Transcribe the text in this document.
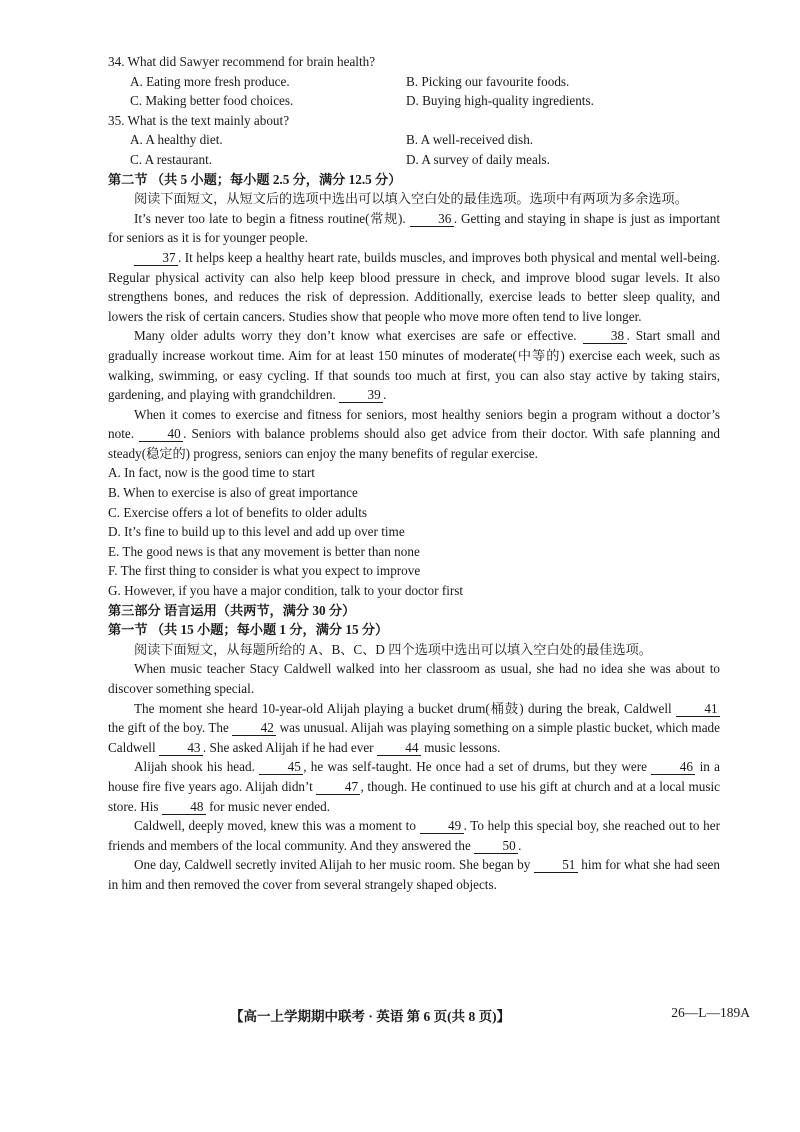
34. What did Sawyer recommend for brain health?
A. Eating more fresh produce.	B. Picking our favourite foods.
C. Making better food choices.	D. Buying high-quality ingredients.
35. What is the text mainly about?
A. A healthy diet.	B. A well-received dish.
C. A restaurant.	D. A survey of daily meals.
第二节 （共 5 小题；每小题 2.5 分，满分 12.5 分）
阅读下面短文，从短文后的选项中选出可以填入空白处的最佳选项。选项中有两项为多余选项。
It’s never too late to begin a fitness routine(常规). 36 . Getting and staying in shape is just as important for seniors as it is for younger people.
37 . It helps keep a healthy heart rate, builds muscles, and improves both physical and mental well-being. Regular physical activity can also help keep blood pressure in check, and improve blood sugar levels. It also strengthens bones, and reduces the risk of depression. Additionally, exercise leads to better sleep quality, and lowers the risk of certain cancers. Studies show that people who move more often tend to live longer.
Many older adults worry they don’t know what exercises are safe or effective.	38 . Start small and gradually increase workout time. Aim for at least 150 minutes of moderate(中等的) exercise each week, such as walking, swimming, or easy cycling. If that sounds too much at first, you can also stay active by taking stairs, gardening, and playing with grandchildren. 39 .
When it comes to exercise and fitness for seniors, most healthy seniors begin a program without a doctor’s note.	40 . Seniors with balance problems should also get advice from their doctor. With safe planning and steady(稳定的) progress, seniors can enjoy the many benefits of regular exercise.
A. In fact, now is the good time to start
B. When to exercise is also of great importance
C. Exercise offers a lot of benefits to older adults
D. It’s fine to build up to this level and add up over time
E. The good news is that any movement is better than none
F. The first thing to consider is what you expect to improve
G. However, if you have a major condition, talk to your doctor first
第三部分 语言运用（共两节，满分 30 分）
第一节 （共 15 小题；每小题 1 分，满分 15 分）
阅读下面短文，从每题所给的 A、B、C、D 四个选项中选出可以填入空白处的最佳选项。
When music teacher Stacy Caldwell walked into her classroom as usual, she had no idea she was about to discover something special.
The moment she heard 10-year-old Alijah playing a bucket drum(桶鼓) during the break, Caldwell 41 the gift of the boy. The 42 was unusual. Alijah was playing something on a simple plastic bucket, which made Caldwell 43 . She asked Alijah if he had ever 44 music lessons.
Alijah shook his head. 45 , he was self-taught. He once had a set of drums, but they were 46 in a house fire five years ago. Alijah didn’t 47 , though. He continued to use his gift at church and at a local music store. His 48 for music never ended.
Caldwell, deeply moved, knew this was a moment to 49 . To help this special boy, she reached out to her friends and members of the local community. And they answered the 50 .
One day, Caldwell secretly invited Alijah to her music room. She began by 51 him for what she had seen in him and then removed the cover from several strangely shaped objects.
【高一上学期期中联考 · 英语 第 6 页(共 8 页)】	26—L—189A
